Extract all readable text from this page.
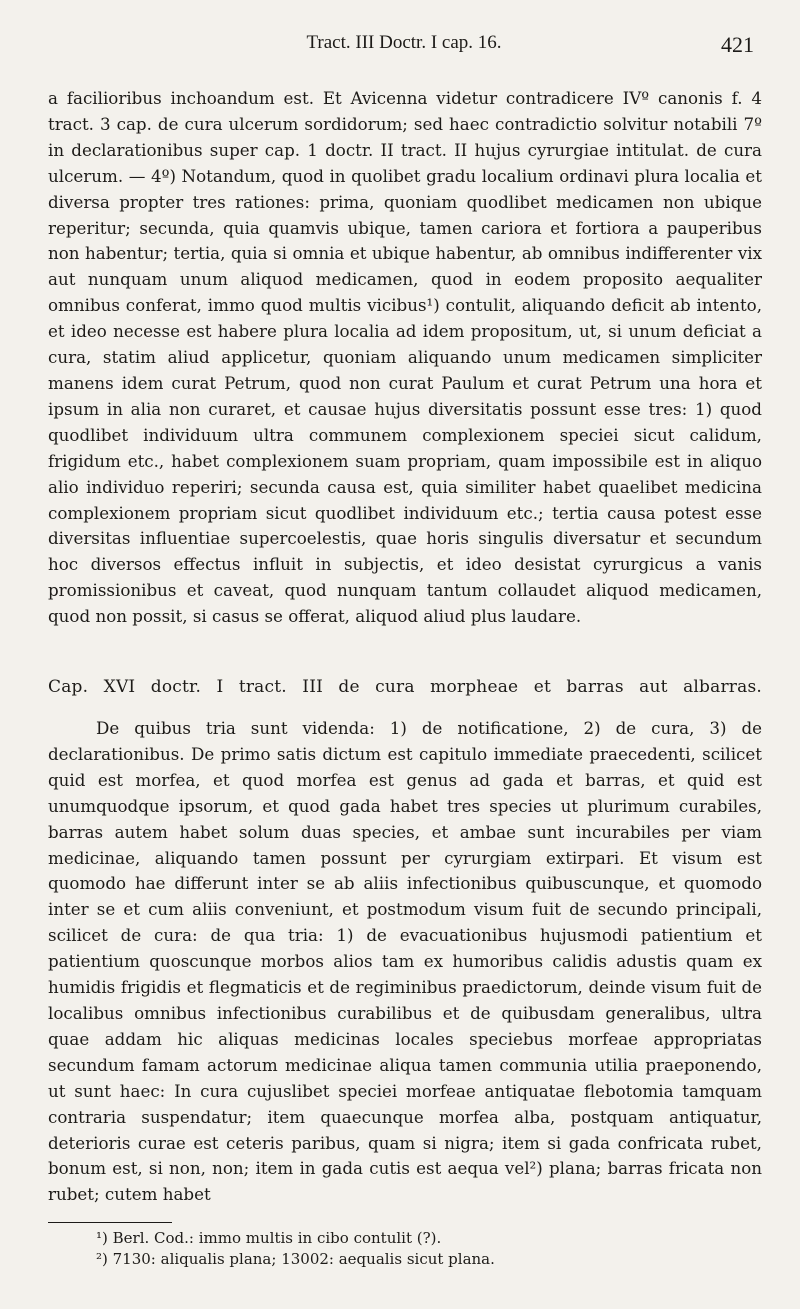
Tract. III Doctr. I cap. 16.	421

a facilioribus inchoandum est. Et Avicenna videtur contradicere IVº canonis f. 4 tract. 3 cap. de cura ulcerum sordidorum; sed haec contradictio solvitur notabili 7º in declarationibus super cap. 1 doctr. II tract. II hujus cyrurgiae intitulat. de cura ulcerum. — 4º) Notandum, quod in quolibet gradu localium ordinavi plura localia et diversa propter tres rationes: prima, quoniam quodlibet medicamen non ubique reperitur; secunda, quia quamvis ubique, tamen cariora et fortiora a pauperibus non habentur; tertia, quia si omnia et ubique habentur, ab omnibus indifferenter vix aut nunquam unum aliquod medicamen, quod in eodem proposito aequaliter omnibus conferat, immo quod multis vicibus¹) contulit, aliquando deficit ab intento, et ideo necesse est habere plura localia ad idem propositum, ut, si unum deficiat a cura, statim aliud applicetur, quoniam aliquando unum medicamen simpliciter manens idem curat Petrum, quod non curat Paulum et curat Petrum una hora et ipsum in alia non curaret, et causae hujus diversitatis possunt esse tres: 1) quod quodlibet individuum ultra communem complexionem speciei sicut calidum, frigidum etc., habet complexionem suam propriam, quam impossibile est in aliquo alio individuo reperiri; secunda causa est, quia similiter habet quaelibet medicina complexionem propriam sicut quodlibet individuum etc.; tertia causa potest esse diversitas influentiae supercoelestis, quae horis singulis diversatur et secundum hoc diversos effectus influit in subjectis, et ideo desistat cyrurgicus a vanis promissionibus et caveat, quod nunquam tantum collaudet aliquod medicamen, quod non possit, si casus se offerat, aliquod aliud plus laudare.

Cap. XVI doctr. I tract. III de cura morpheae et barras aut albarras.

De quibus tria sunt videnda: 1) de notificatione, 2) de cura, 3) de declarationibus. De primo satis dictum est capitulo immediate praecedenti, scilicet quid est morfea, et quod morfea est genus ad gada et barras, et quid est unumquodque ipsorum, et quod gada habet tres species ut plurimum curabiles, barras autem habet solum duas species, et ambae sunt incurabiles per viam medicinae, aliquando tamen possunt per cyrurgiam extirpari. Et visum est quomodo hae differunt inter se ab aliis infectionibus quibuscunque, et quomodo inter se et cum aliis conveniunt, et postmodum visum fuit de secundo principali, scilicet de cura: de qua tria: 1) de evacuationibus hujusmodi patientium et patientium quoscunque morbos alios tam ex humoribus calidis adustis quam ex humidis frigidis et flegmaticis et de regiminibus praedictorum, deinde visum fuit de localibus omnibus infectionibus curabilibus et de quibusdam generalibus, ultra quae addam hic aliquas medicinas locales speciebus morfeae appropriatas secundum famam actorum medicinae aliqua tamen communia utilia praeponendo, ut sunt haec: In cura cujuslibet speciei morfeae antiquatae flebotomia tamquam contraria suspendatur; item quaecunque morfea alba, postquam antiquatur, deterioris curae est ceteris paribus, quam si nigra; item si gada confricata rubet, bonum est, si non, non; item in gada cutis est aequa vel²) plana; barras fricata non rubet; cutem habet

¹) Berl. Cod.: immo multis in cibo contulit (?).

²) 7130: aliqualis plana; 13002: aequalis sicut plana.
